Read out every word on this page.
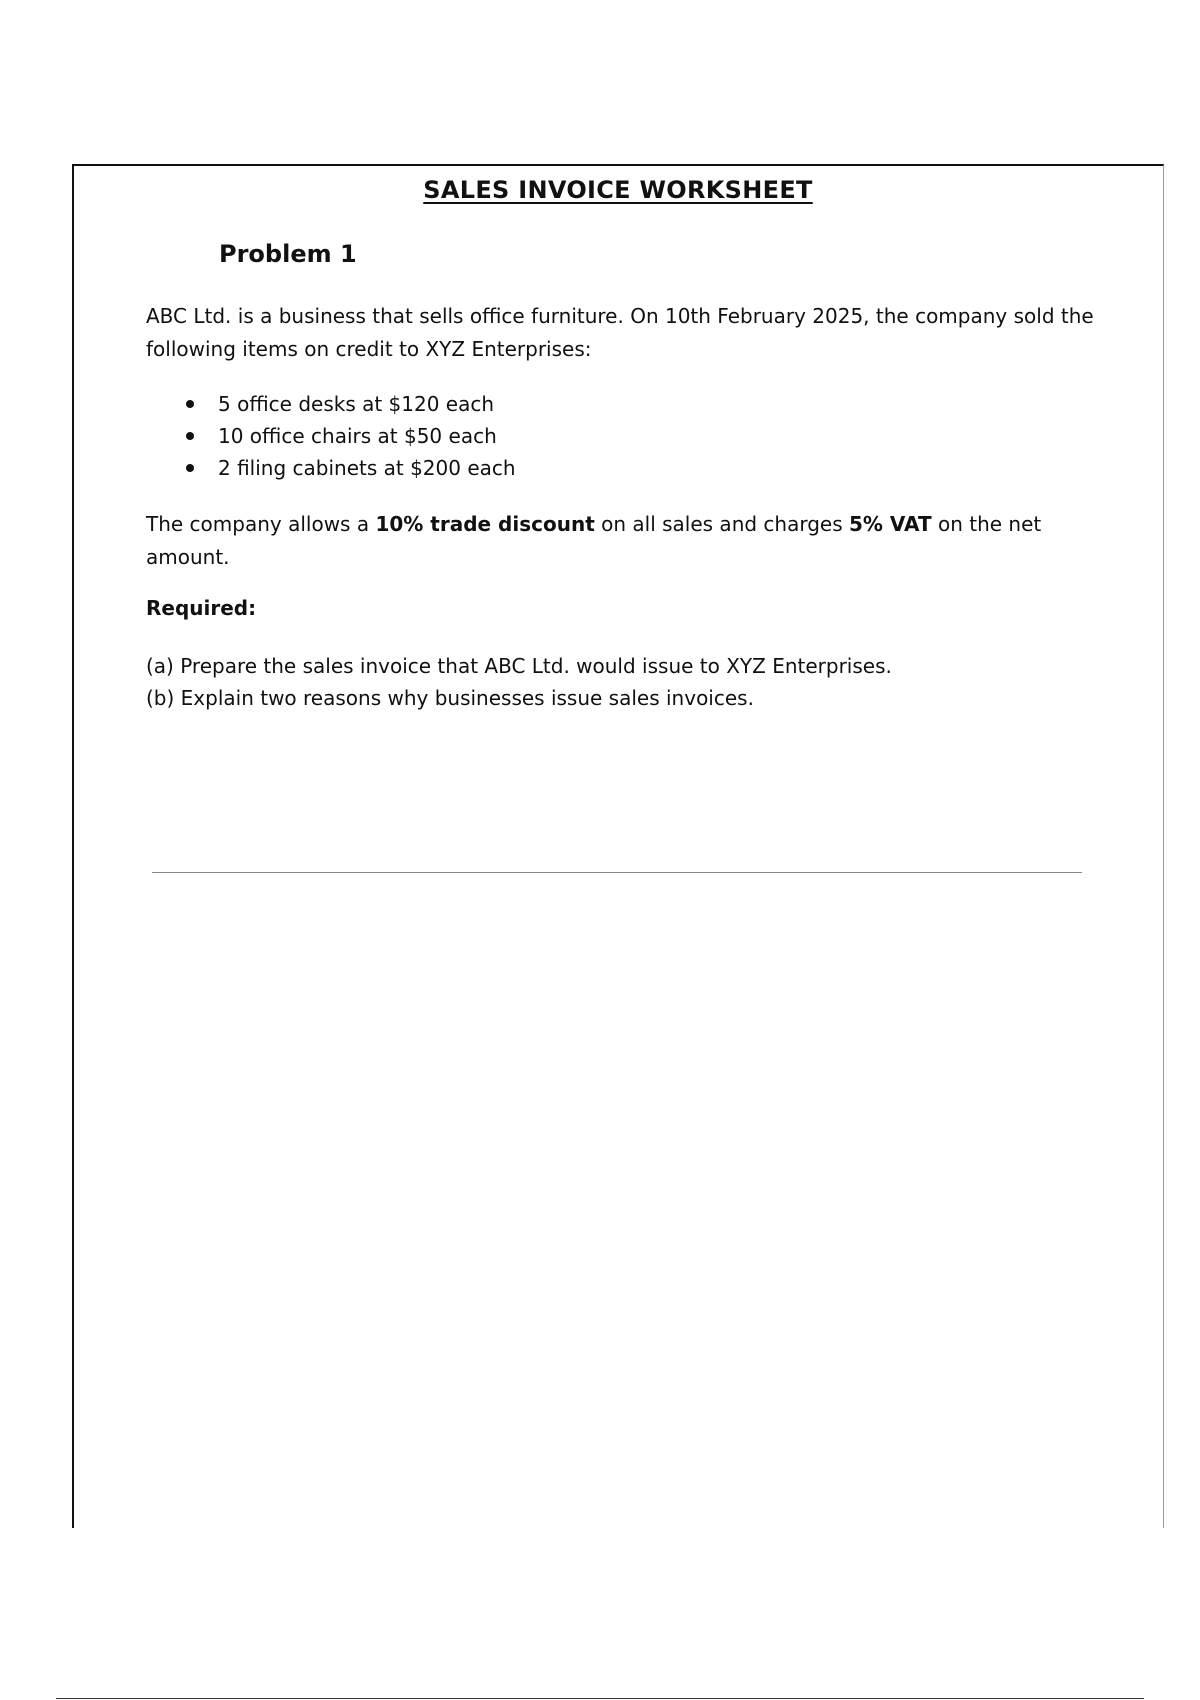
SALES INVOICE WORKSHEET
Problem 1

ABC Ltd. is a business that sells office furniture. On 10th February 2025, the company sold the following items on credit to XYZ Enterprises:

5 office desks at $120 each
10 office chairs at $50 each
2 filing cabinets at $200 each

The company allows a 10% trade discount on all sales and charges 5% VAT on the net amount.

Required:
(a) Prepare the sales invoice that ABC Ltd. would issue to XYZ Enterprises.
(b) Explain two reasons why businesses issue sales invoices.
